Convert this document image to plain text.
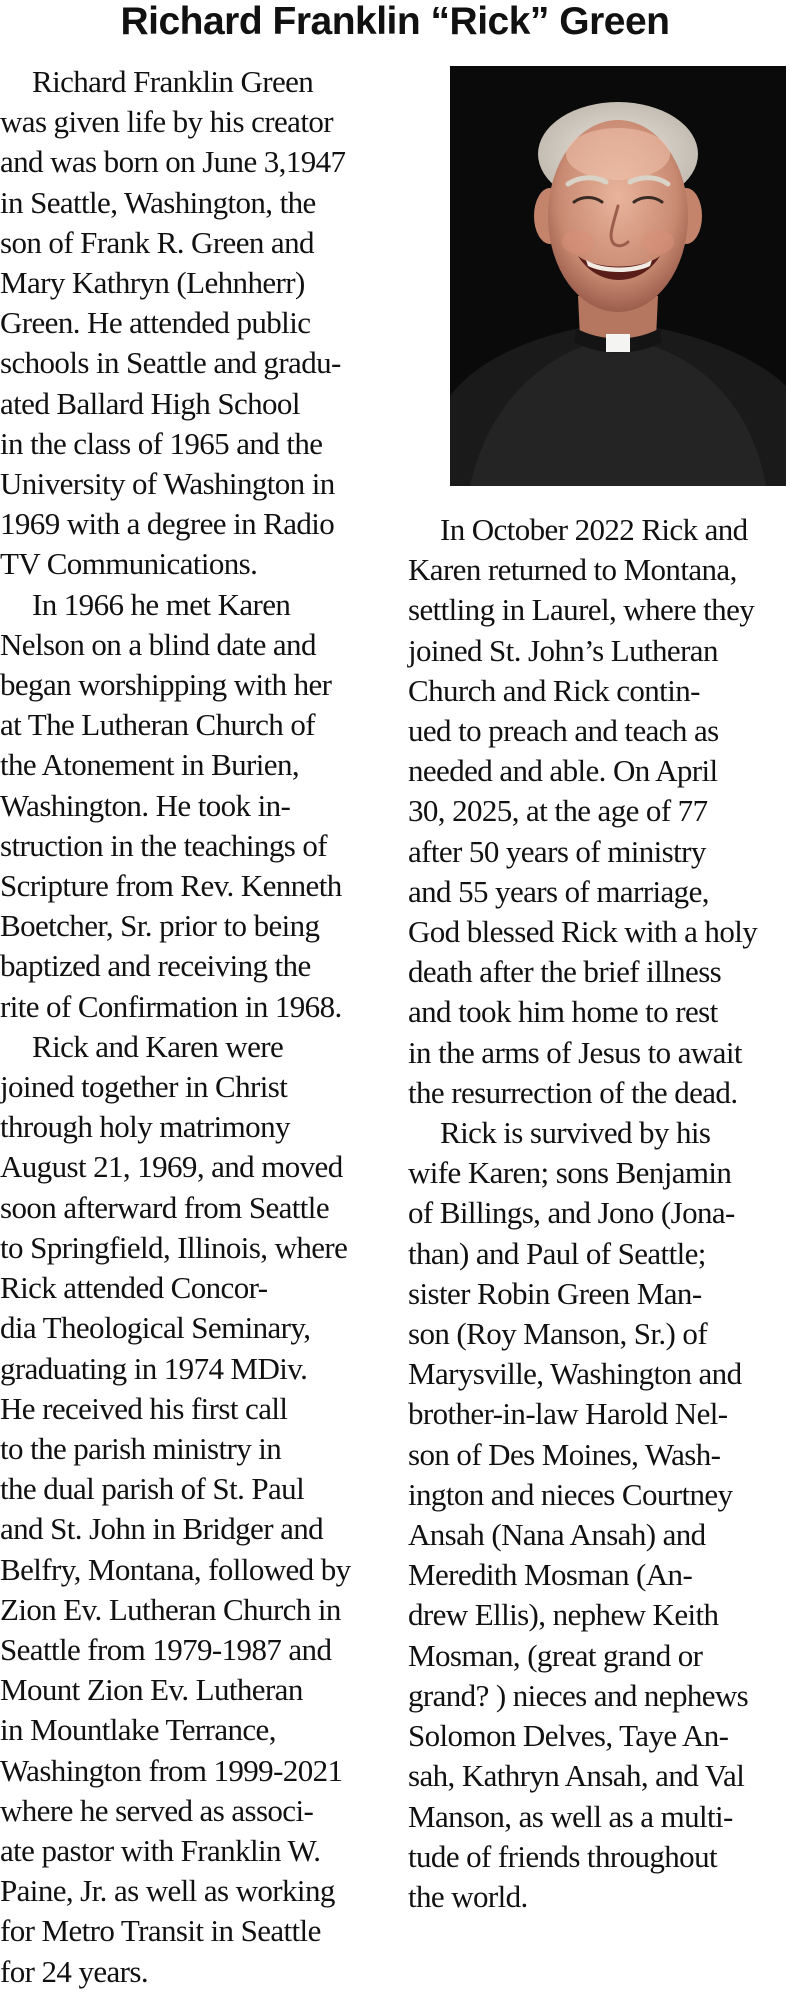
Richard Franklin “Rick” Green

Richard Franklin Green
was given life by his creator
and was born on June 3,1947
in Seattle, Washington, the
son of Frank R. Green and
Mary Kathryn (Lehnherr)
Green. He attended public
schools in Seattle and gradu-
ated Ballard High School
in the class of 1965 and the
University of Washington in
1969 with a degree in Radio
TV Communications.

In 1966 he met Karen
Nelson on a blind date and
began worshipping with her
at The Lutheran Church of
the Atonement in Burien,
Washington. He took in-
struction in the teachings of
Scripture from Rev. Kenneth
Boetcher, Sr. prior to being
baptized and receiving the
rite of Confirmation in 1968.

Rick and Karen were
joined together in Christ
through holy matrimony
August 21, 1969, and moved
soon afterward from Seattle
to Springfield, Illinois, where
Rick attended Concor-
dia Theological Seminary,
graduating in 1974 MDiv.
He received his first call
to the parish ministry in
the dual parish of St. Paul
and St. John in Bridger and
Belfry, Montana, followed by
Zion Ev. Lutheran Church in
Seattle from 1979-1987 and
Mount Zion Ev. Lutheran
in Mountlake Terrance,
Washington from 1999-2021
where he served as associ-
ate pastor with Franklin W.
Paine, Jr. as well as working
for Metro Transit in Seattle
for 24 years.

In October 2022 Rick and
Karen returned to Montana,
settling in Laurel, where they
joined St. John’s Lutheran
Church and Rick contin-
ued to preach and teach as
needed and able. On April
30, 2025, at the age of 77
after 50 years of ministry
and 55 years of marriage,
God blessed Rick with a holy
death after the brief illness
and took him home to rest
in the arms of Jesus to await
the resurrection of the dead.

Rick is survived by his
wife Karen; sons Benjamin
of Billings, and Jono (Jona-
than) and Paul of Seattle;
sister Robin Green Man-
son (Roy Manson, Sr.) of
Marysville, Washington and
brother-in-law Harold Nel-
son of Des Moines, Wash-
ington and nieces Courtney
Ansah (Nana Ansah) and
Meredith Mosman (An-
drew Ellis), nephew Keith
Mosman, (great grand or
grand? ) nieces and nephews
Solomon Delves, Taye An-
sah, Kathryn Ansah, and Val
Manson, as well as a multi-
tude of friends throughout
the world.
